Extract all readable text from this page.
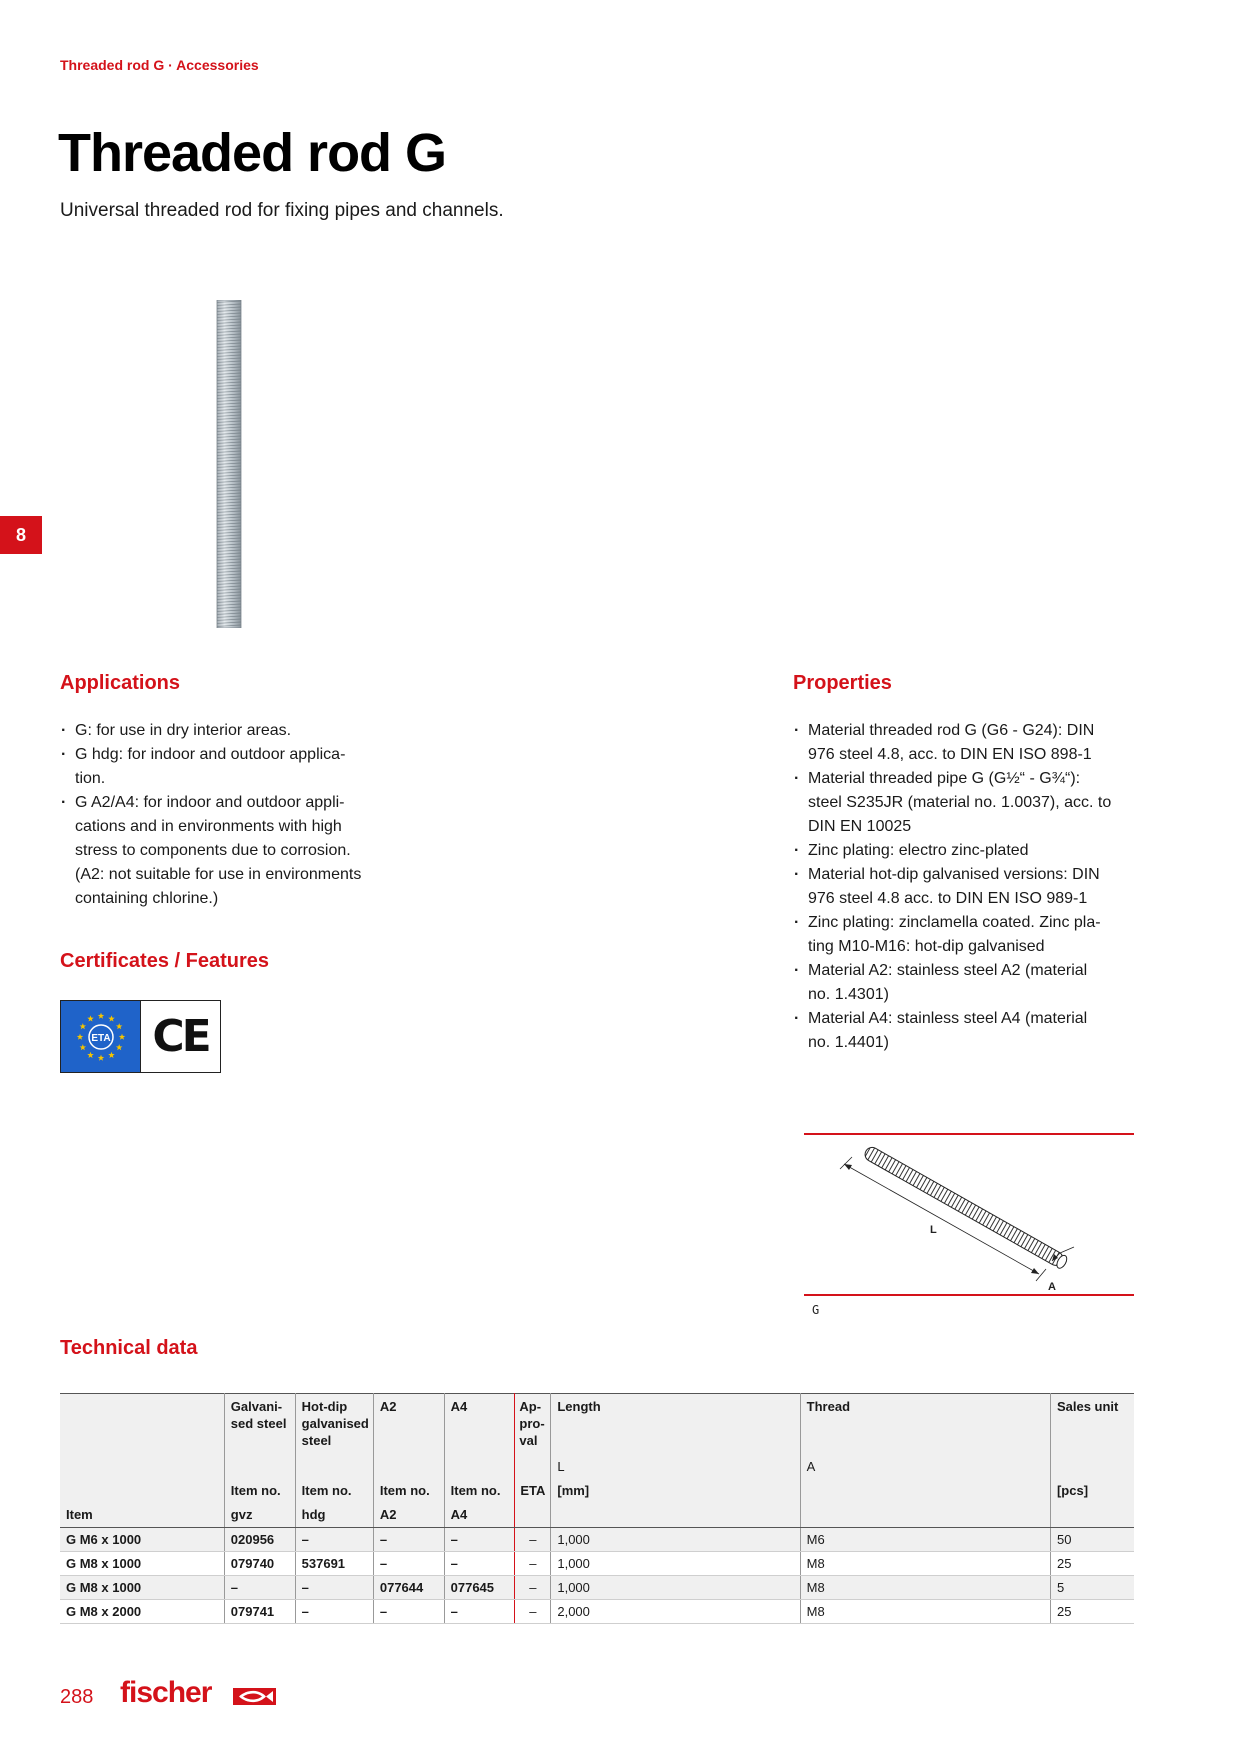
Threaded rod G · Accessories
Threaded rod G

Universal threaded rod for fixing pipes and channels.

8
Applications
· G: for use in dry interior areas.
· G hdg: for indoor and outdoor applica-
tion.
· G A2/A4: for indoor and outdoor appli-
cations and in environments with high
stress to components due to corrosion.
(A2: not suitable for use in environments
containing chlorine.)
Certificates / Features
ETA CE
Properties
· Material threaded rod G (G6 - G24): DIN
976 steel 4.8, acc. to DIN EN ISO 898-1
· Material threaded pipe G (G½“ - G¾“):
steel S235JR (material no. 1.0037), acc. to
DIN EN 10025
· Zinc plating: electro zinc-plated
· Material hot-dip galvanised versions: DIN
976 steel 4.8 acc. to DIN EN ISO 989-1
· Zinc plating: zinclamella coated. Zinc pla-
ting M10-M16: hot-dip galvanised
· Material A2: stainless steel A2 (material
no. 1.4301)
· Material A4: stainless steel A4 (material
no. 1.4401)
L
A
G
Technical data
	Galvani-
sed steel	Hot-dip
galvanised
steel	A2	A4	Ap-
pro-
val	Length	Thread	Sales unit
						L	A	
	Item no.	Item no.	Item no.	Item no.	ETA	[mm]		[pcs]
Item	gvz	hdg	A2	A4				
G M6 x 1000	020956	–	–	–	–	1,000	M6	50
G M8 x 1000	079740	537691	–	–	–	1,000	M8	25
G M8 x 1000	–	–	077644	077645	–	1,000	M8	5
G M8 x 2000	079741	–	–	–	–	2,000	M8	25
288 fischer
